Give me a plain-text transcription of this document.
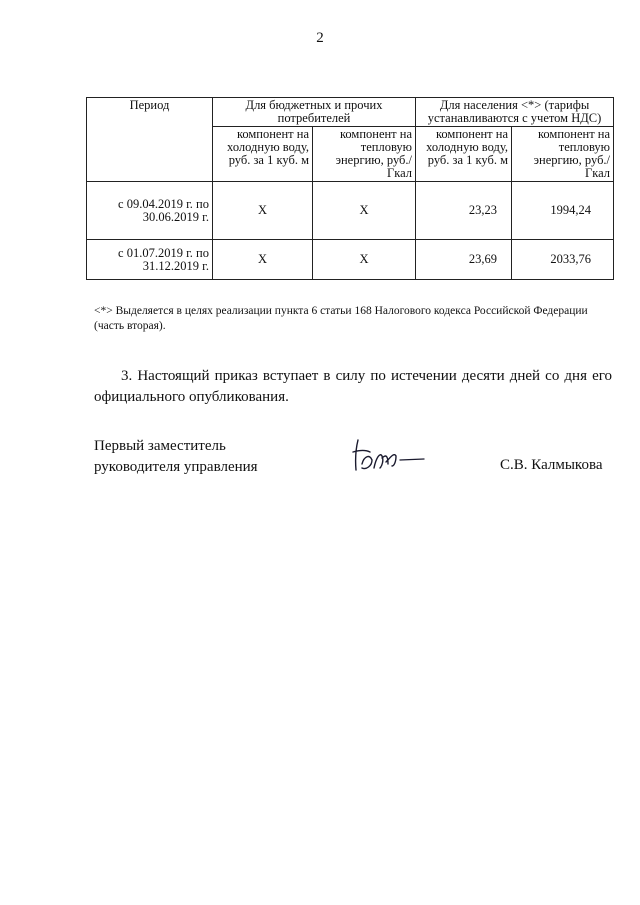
2
Период	Для бюджетных и прочих потребителей		Для населения <*> (тарифы устанавливаются с учетом НДС)	
	компонент на холодную воду, руб. за 1 куб. м	компонент на тепловую энергию, руб./Гкал	компонент на холодную воду, руб. за 1 куб. м	компонент на тепловую энергию, руб./Гкал
с 09.04.2019 г. по 30.06.2019 г.	Х	Х	23,23	1994,24
с 01.07.2019 г. по 31.12.2019 г.	Х	Х	23,69	2033,76
<*> Выделяется в целях реализации пункта 6 статьи 168 Налогового кодекса Российской Федерации (часть вторая).
3. Настоящий приказ вступает в силу по истечении десяти дней со дня его официального опубликования.
Первый заместитель
руководителя управления	С.В. Калмыкова
